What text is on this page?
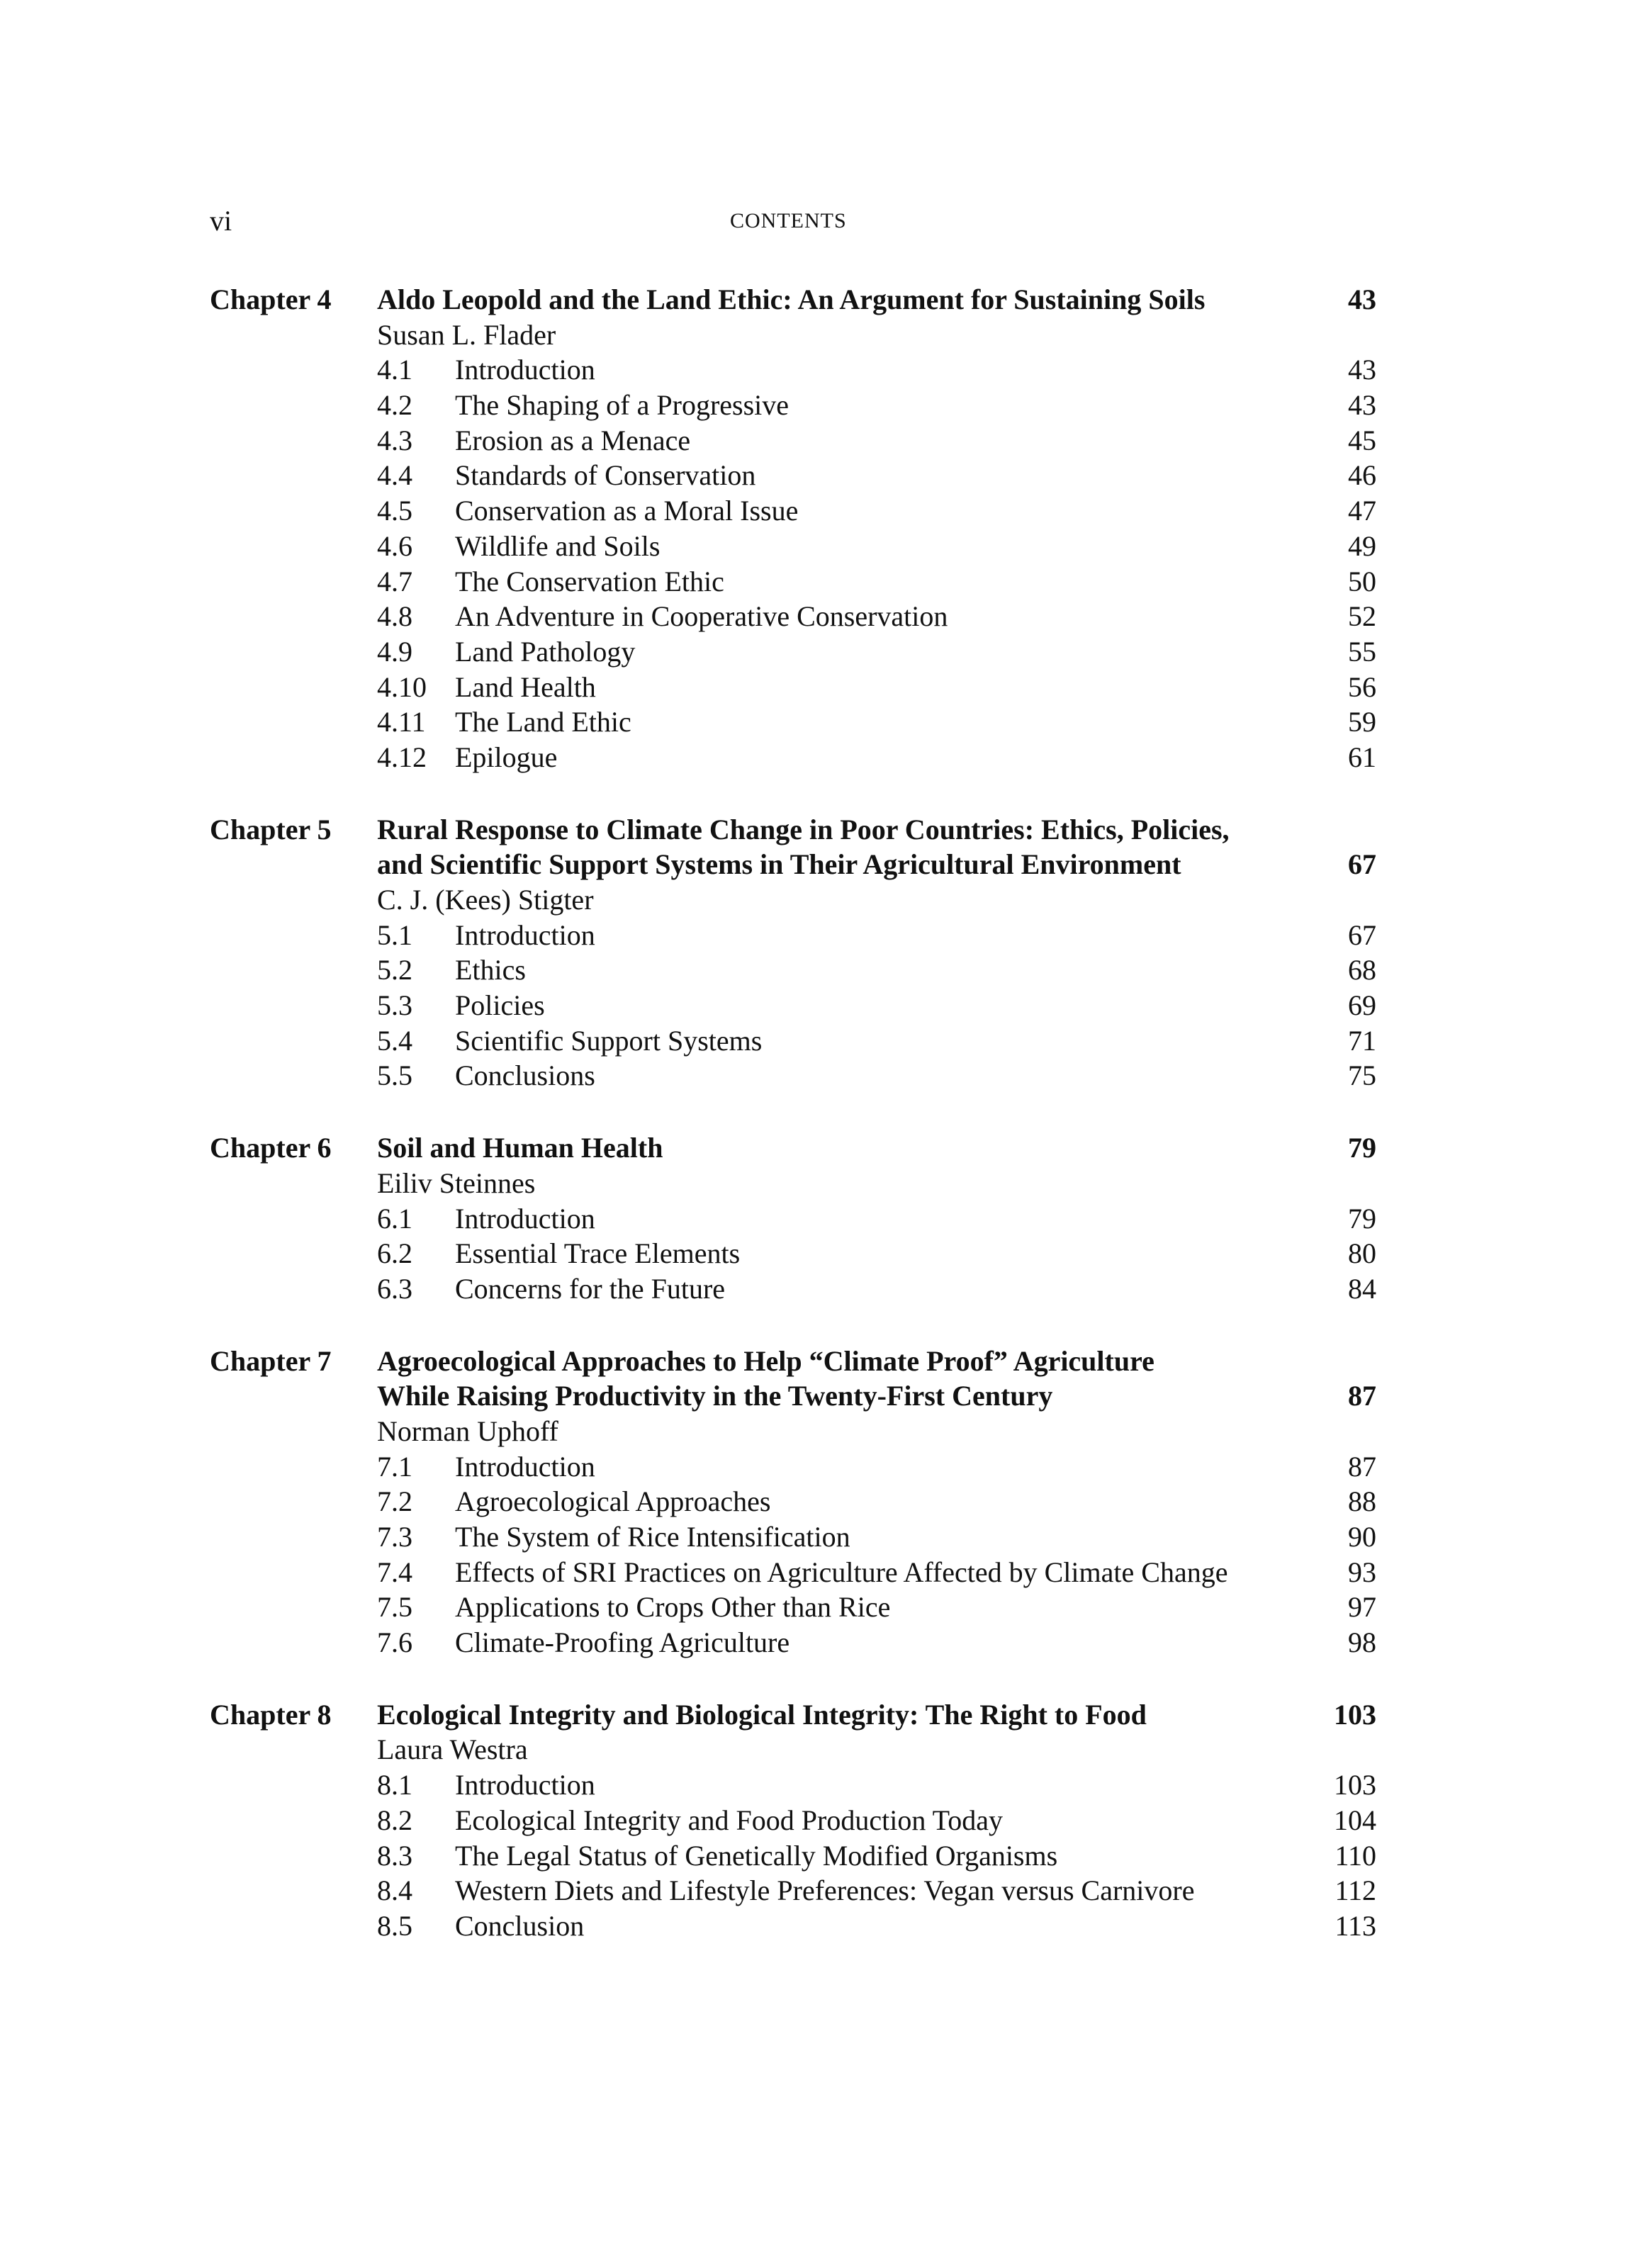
vi	CONTENTS
Chapter 4 Aldo Leopold and the Land Ethic: An Argument for Sustaining Soils	43
Susan L. Flader
4.1 Introduction	43
4.2 The Shaping of a Progressive	43
4.3 Erosion as a Menace	45
4.4 Standards of Conservation	46
4.5 Conservation as a Moral Issue	47
4.6 Wildlife and Soils	49
4.7 The Conservation Ethic	50
4.8 An Adventure in Cooperative Conservation	52
4.9 Land Pathology	55
4.10 Land Health	56
4.11 The Land Ethic	59
4.12 Epilogue	61
Chapter 5 Rural Response to Climate Change in Poor Countries: Ethics, Policies,
and Scientific Support Systems in Their Agricultural Environment	67
C. J. (Kees) Stigter
5.1 Introduction	67
5.2 Ethics	68
5.3 Policies	69
5.4 Scientific Support Systems	71
5.5 Conclusions	75
Chapter 6 Soil and Human Health	79
Eiliv Steinnes
6.1 Introduction	79
6.2 Essential Trace Elements	80
6.3 Concerns for the Future	84
Chapter 7 Agroecological Approaches to Help “Climate Proof” Agriculture
While Raising Productivity in the Twenty-First Century	87
Norman Uphoff
7.1 Introduction	87
7.2 Agroecological Approaches	88
7.3 The System of Rice Intensification	90
7.4 Effects of SRI Practices on Agriculture Affected by Climate Change	93
7.5 Applications to Crops Other than Rice	97
7.6 Climate-Proofing Agriculture	98
Chapter 8 Ecological Integrity and Biological Integrity: The Right to Food	103
Laura Westra
8.1 Introduction	103
8.2 Ecological Integrity and Food Production Today	104
8.3 The Legal Status of Genetically Modified Organisms	110
8.4 Western Diets and Lifestyle Preferences: Vegan versus Carnivore	112
8.5 Conclusion	113
